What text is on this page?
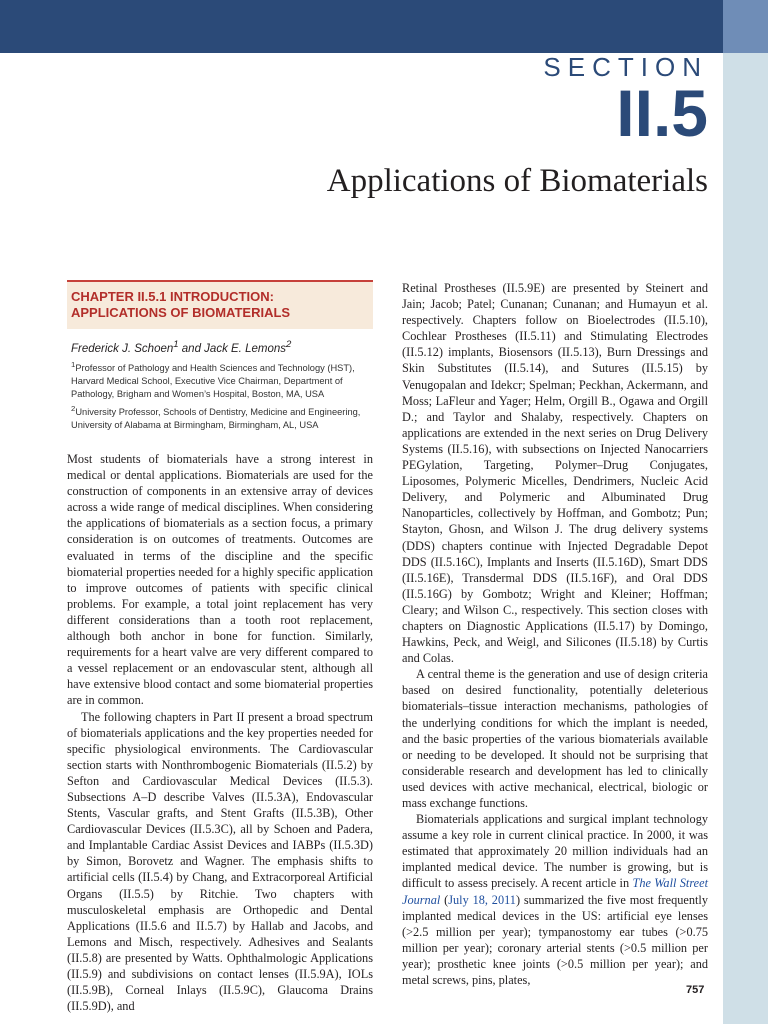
SECTION
II.5
Applications of Biomaterials

CHAPTER II.5.1 INTRODUCTION:
APPLICATIONS OF BIOMATERIALS

Frederick J. Schoen$^1$ and Jack E. Lemons$^2$
$^1$Professor of Pathology and Health Sciences and Technology (HST), Harvard Medical School, Executive Vice Chairman, Department of Pathology, Brigham and Women’s Hospital, Boston, MA, USA
$^2$University Professor, Schools of Dentistry, Medicine and Engineering, University of Alabama at Birmingham, Birmingham, AL, USA

Most students of biomaterials have a strong interest in medical or dental applications. Biomaterials are used for the construction of components in an extensive array of devices across a wide range of medical disciplines. When considering the applications of biomaterials as a section focus, a primary consideration is on outcomes of treatments. Outcomes are evaluated in terms of the discipline and the specific biomaterial properties needed for a highly specific application to improve outcomes of patients with specific clinical problems. For example, a total joint replacement has very different considerations than a tooth root replacement, although both anchor in bone for function. Similarly, requirements for a heart valve are very different compared to a vessel replacement or an endovascular stent, although all have extensive blood contact and some biomaterial properties are in common.

The following chapters in Part II present a broad spectrum of biomaterials applications and the key properties needed for specific physiological environments. The Cardiovascular section starts with Nonthrombogenic Biomaterials (II.5.2) by Sefton and Cardiovascular Medical Devices (II.5.3). Subsections A–D describe Valves (II.5.3A), Endovascular Stents, Vascular grafts, and Stent Grafts (II.5.3B), Other Cardiovascular Devices (II.5.3C), all by Schoen and Padera, and Implantable Cardiac Assist Devices and IABPs (II.5.3D) by Simon, Borovetz and Wagner. The emphasis shifts to artificial cells (II.5.4) by Chang, and Extracorporeal Artificial Organs (II.5.5) by Ritchie. Two chapters with musculoskeletal emphasis are Orthopedic and Dental Applications (II.5.6 and II.5.7) by Hallab and Jacobs, and Lemons and Misch, respectively. Adhesives and Sealants (II.5.8) are presented by Watts. Ophthalmologic Applications (II.5.9) and subdivisions on contact lenses (II.5.9A), IOLs (II.5.9B), Corneal Inlays (II.5.9C), Glaucoma Drains (II.5.9D), and

Retinal Prostheses (II.5.9E) are presented by Steinert and Jain; Jacob; Patel; Cunanan; Cunanan; and Humayun et al. respectively. Chapters follow on Bioelectrodes (II.5.10), Cochlear Prostheses (II.5.11) and Stimulating Electrodes (II.5.12) implants, Biosensors (II.5.13), Burn Dressings and Skin Substitutes (II.5.14), and Sutures (II.5.15) by Venugopalan and Idekcr; Spelman; Peckhan, Ackermann, and Moss; LaFleur and Yager; Helm, Orgill B., Ogawa and Orgill D.; and Taylor and Shalaby, respectively. Chapters on applications are extended in the next series on Drug Delivery Systems (II.5.16), with subsections on Injected Nanocarriers PEGylation, Targeting, Polymer–Drug Conjugates, Liposomes, Polymeric Micelles, Dendrimers, Nucleic Acid Delivery, and Polymeric and Albuminated Drug Nanoparticles, collectively by Hoffman, and Gombotz; Pun; Stayton, Ghosn, and Wilson J. The drug delivery systems (DDS) chapters continue with Injected Degradable Depot DDS (II.5.16C), Implants and Inserts (II.5.16D), Smart DDS (II.5.16E), Transdermal DDS (II.5.16F), and Oral DDS (II.5.16G) by Gombotz; Wright and Kleiner; Hoffman; Cleary; and Wilson C., respectively. This section closes with chapters on Diagnostic Applications (II.5.17) by Domingo, Hawkins, Peck, and Weigl, and Silicones (II.5.18) by Curtis and Colas.

A central theme is the generation and use of design criteria based on desired functionality, potentially deleterious biomaterials–tissue interaction mechanisms, pathologies of the underlying conditions for which the implant is needed, and the basic properties of the various biomaterials available or needing to be developed. It should not be surprising that considerable research and development has led to clinically used devices with active mechanical, electrical, biologic or mass exchange functions.

Biomaterials applications and surgical implant technology assume a key role in current clinical practice. In 2000, it was estimated that approximately 20 million individuals had an implanted medical device. The number is growing, but is difficult to assess precisely. A recent article in The Wall Street Journal (July 18, 2011) summarized the five most frequently implanted medical devices in the US: artificial eye lenses (>2.5 million per year); tympanostomy ear tubes (>0.75 million per year); coronary arterial stents (>0.5 million per year); prosthetic knee joints (>0.5 million per year); and metal screws, pins, plates,

757
